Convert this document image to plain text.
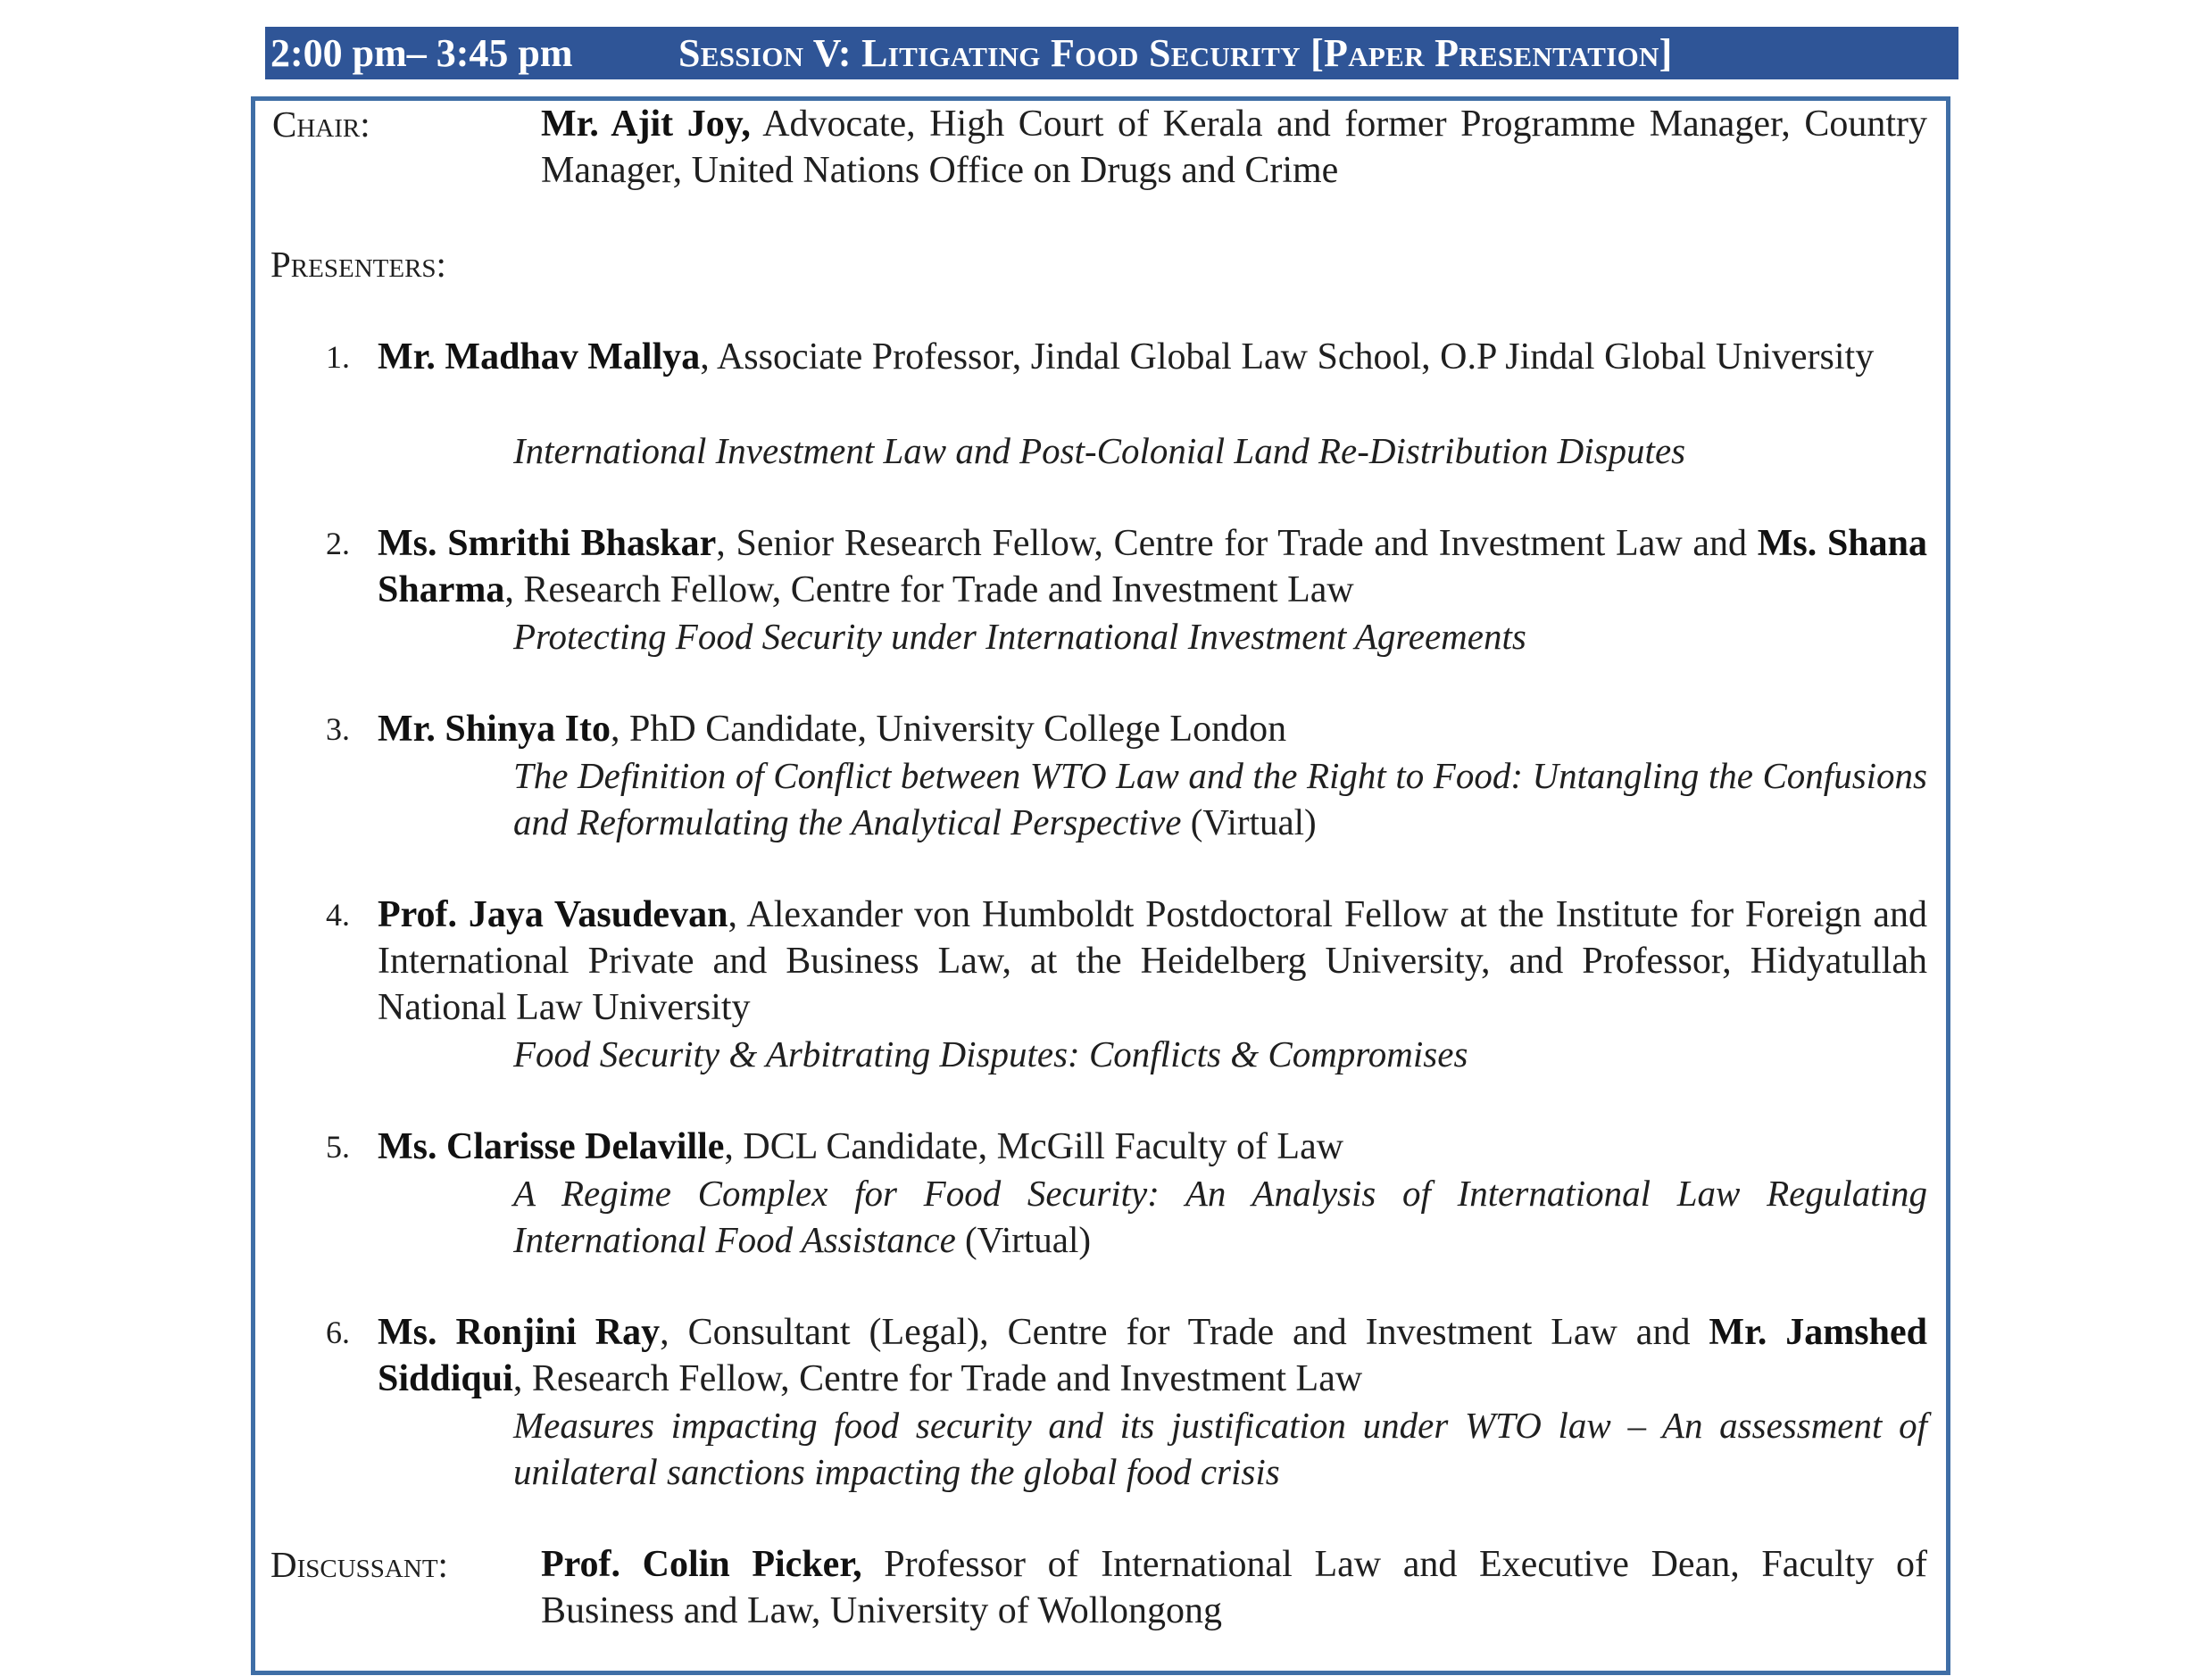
2:00 pm– 3:45 pm	Session V: Litigating Food Security [Paper Presentation]
Chair:	Mr. Ajit Joy, Advocate, High Court of Kerala and former Programme Manager, Country Manager, United Nations Office on Drugs and Crime
Presenters:
1. Mr. Madhav Mallya, Associate Professor, Jindal Global Law School, O.P Jindal Global University
International Investment Law and Post-Colonial Land Re-Distribution Disputes
2. Ms. Smrithi Bhaskar, Senior Research Fellow, Centre for Trade and Investment Law and Ms. Shana Sharma, Research Fellow, Centre for Trade and Investment Law
Protecting Food Security under International Investment Agreements
3. Mr. Shinya Ito, PhD Candidate, University College London
The Definition of Conflict between WTO Law and the Right to Food: Untangling the Confusions and Reformulating the Analytical Perspective (Virtual)
4. Prof. Jaya Vasudevan, Alexander von Humboldt Postdoctoral Fellow at the Institute for Foreign and International Private and Business Law, at the Heidelberg University, and Professor, Hidyatullah National Law University
Food Security & Arbitrating Disputes: Conflicts & Compromises
5. Ms. Clarisse Delaville, DCL Candidate, McGill Faculty of Law
A Regime Complex for Food Security: An Analysis of International Law Regulating International Food Assistance (Virtual)
6. Ms. Ronjini Ray, Consultant (Legal), Centre for Trade and Investment Law and Mr. Jamshed Siddiqui, Research Fellow, Centre for Trade and Investment Law
Measures impacting food security and its justification under WTO law – An assessment of unilateral sanctions impacting the global food crisis
Discussant: Prof. Colin Picker, Professor of International Law and Executive Dean, Faculty of Business and Law, University of Wollongong
